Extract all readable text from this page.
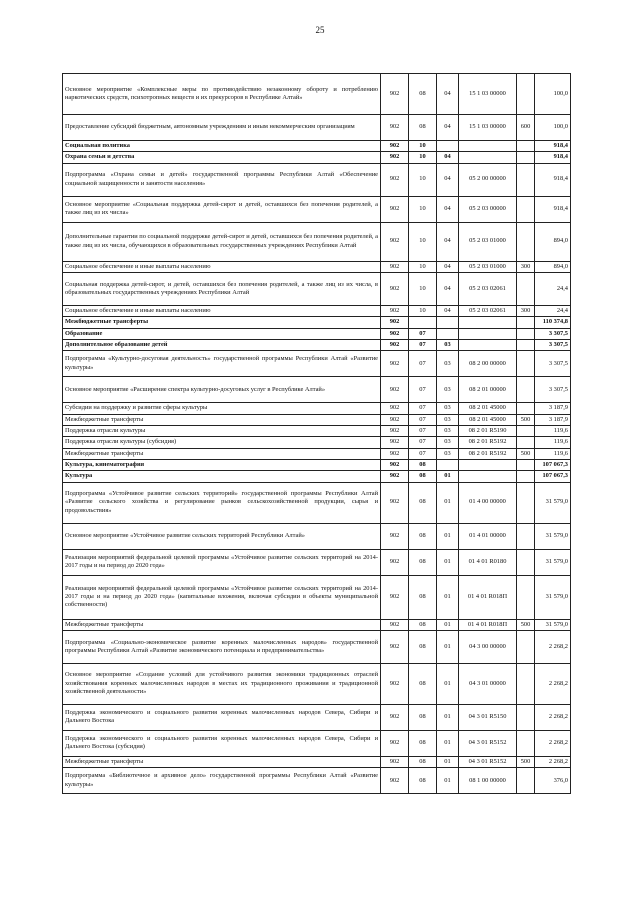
25
Основное мероприятие «Комплексные меры по противодействию незаконному обороту и потреблению наркотических средств, психотропных веществ и их прекурсоров в Республике Алтай»	902	08	04	15 1 03 00000		100,0
Предоставление субсидий бюджетным, автономным учреждениям и иным некоммерческим организациям	902	08	04	15 1 03 00000	600	100,0
Социальная политика	902	10				918,4
Охрана семьи и детства	902	10	04			918,4
Подпрограмма «Охрана семьи и детей» государственной программы Республики Алтай «Обеспечение социальной защищенности и занятости населения»	902	10	04	05 2 00 00000		918,4
Основное мероприятие «Социальная поддержка детей-сирот и детей, оставшихся без попечения родителей, а также лиц из их числа»	902	10	04	05 2 03 00000		918,4
Дополнительные гарантии по социальной поддержке детей-сирот и детей, оставшихся без попечения родителей, а также лиц из их числа, обучающихся в образовательных государственных учреждениях Республики Алтай	902	10	04	05 2 03 01000		894,0
Социальное обеспечение и иные выплаты населению	902	10	04	05 2 03 01000	300	894,0
Социальная поддержка детей-сирот, и детей, оставшихся без попечения родителей, а также лиц из их числа, в образовательных государственных учреждениях Республики Алтай	902	10	04	05 2 03 02061		24,4
Социальное обеспечение и иные выплаты населению	902	10	04	05 2 03 02061	300	24,4
Межбюджетные трансферты	902					110 374,8
Образование	902	07				3 307,5
Дополнительное образование детей	902	07	03			3 307,5
Подпрограмма «Культурно-досуговая деятельность» государственной программы Республики Алтай «Развитие культуры»	902	07	03	08 2 00 00000		3 307,5
Основное мероприятие «Расширение спектра культурно-досуговых услуг в Республике Алтай»	902	07	03	08 2 01 00000		3 307,5
Субсидии на поддержку и развитие сферы культуры	902	07	03	08 2 01 45000		3 187,9
Межбюджетные трансферты	902	07	03	08 2 01 45000	500	3 187,9
Поддержка отрасли культуры	902	07	03	08 2 01 R5190		119,6
Поддержка отрасли культуры (субсидия)	902	07	03	08 2 01 R5192		119,6
Межбюджетные трансферты	902	07	03	08 2 01 R5192	500	119,6
Культура, кинематография	902	08				107 067,3
Культура	902	08	01			107 067,3
Подпрограмма «Устойчивое развитие сельских территорий» государственной программы Республики Алтай «Развитие сельского хозяйства и регулирование рынков сельскохозяйственной продукции, сырья и продовольствия»	902	08	01	01 4 00 00000		31 579,0
Основное мероприятие «Устойчивое развитие сельских территорий Республики Алтай»	902	08	01	01 4 01 00000		31 579,0
Реализация мероприятий федеральной целевой программы «Устойчивое развитие сельских территорий на 2014-2017 годы и на период до 2020 года»	902	08	01	01 4 01 R0180		31 579,0
Реализация мероприятий федеральной целевой программы «Устойчивое развитие сельских территорий на 2014-2017 годы и на период до 2020 года» (капитальные вложения, включая субсидии в объекты муниципальной собственности)	902	08	01	01 4 01 R018П		31 579,0
Межбюджетные трансферты	902	08	01	01 4 01 R018П	500	31 579,0
Подпрограмма «Социально-экономическое развитие коренных малочисленных народов» государственной программы Республики Алтай «Развитие экономического потенциала и предпринимательства»	902	08	01	04 3 00 00000		2 268,2
Основное мероприятие «Создание условий для устойчивого развития экономики традиционных отраслей хозяйствования коренных малочисленных народов в местах их традиционного проживания и традиционной хозяйственной деятельности»	902	08	01	04 3 01 00000		2 268,2
Поддержка экономического и социального развития коренных малочисленных народов Севера, Сибири и Дальнего Востока	902	08	01	04 3 01 R5150		2 268,2
Поддержка экономического и социального развития коренных малочисленных народов Севера, Сибири и Дальнего Востока (субсидия)	902	08	01	04 3 01 R5152		2 268,2
Межбюджетные трансферты	902	08	01	04 3 01 R5152	500	2 268,2
Подпрограмма «Библиотечное и архивное дело» государственной программы Республики Алтай «Развитие культуры»	902	08	01	08 1 00 00000		376,0
